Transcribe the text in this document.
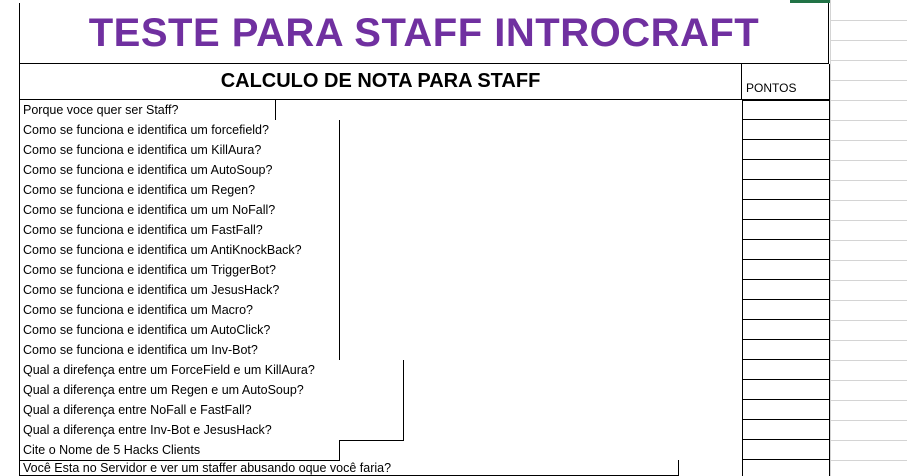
TESTE PARA STAFF INTROCRAFT
CALCULO DE NOTA PARA STAFF	PONTOS
Porque voce quer ser Staff?
Como se funciona e identifica um forcefield?
Como se funciona e identifica um KillAura?
Como se funciona e identifica um AutoSoup?
Como se funciona e identifica um Regen?
Como se funciona e identifica um um NoFall?
Como se funciona e identifica um FastFall?
Como se funciona e identifica um AntiKnockBack?
Como se funciona e identifica um TriggerBot?
Como se funciona e identifica um JesusHack?
Como se funciona e identifica um Macro?
Como se funciona e identifica um AutoClick?
Como se funciona e identifica um Inv-Bot?
Qual a direfença entre um ForceField e um KillAura?
Qual a diferença entre um Regen e um AutoSoup?
Qual a diferença entre NoFall e FastFall?
Qual a diferença entre Inv-Bot e JesusHack?
Cite o Nome de 5 Hacks Clients
Você Esta no Servidor e ver um staffer abusando oque você faria?
